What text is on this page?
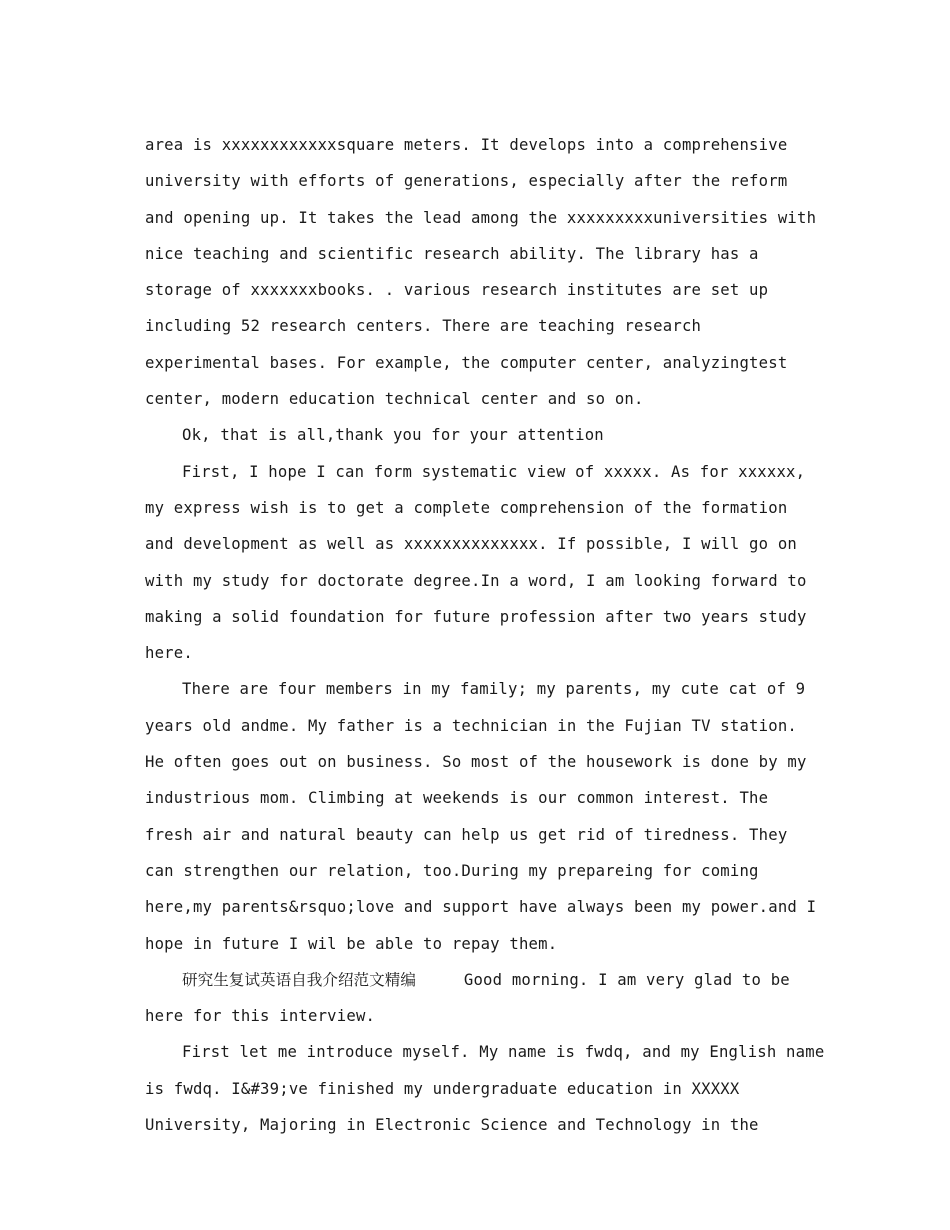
area is xxxxxxxxxxxxsquare meters. It develops into a comprehensive university with efforts of generations, especially after the reform and opening up. It takes the lead among the xxxxxxxxxuniversities with nice teaching and scientific research ability. The library has a storage of xxxxxxxbooks. . various research institutes are set up including 52 research centers. There are teaching research experimental bases. For example, the computer center, analyzingtest center, modern education technical center and so on.

Ok, that is all,thank you for your attention

First, I hope I can form systematic view of xxxxx. As for xxxxxx, my express wish is to get a complete comprehension of the formation and development as well as xxxxxxxxxxxxxx. If possible, I will go on with my study for doctorate degree.In a word, I am looking forward to making a solid foundation for future profession after two years study here.

There are four members in my family; my parents, my cute cat of 9 years old andme. My father is a technician in the Fujian TV station. He often goes out on business. So most of the housework is done by my industrious mom. Climbing at weekends is our common interest. The fresh air and natural beauty can help us get rid of tiredness. They can strengthen our relation, too.During my prepareing for coming here,my parents&rsquo;love and support have always been my power.and I hope in future I wil be able to repay them.

研究生复试英语自我介绍范文精编	Good morning. I am very glad to be here for this interview.

First let me introduce myself. My name is fwdq, and my English name is fwdq. I&#39;ve finished my undergraduate education in XXXXX University, Majoring in Electronic Science and Technology in the
